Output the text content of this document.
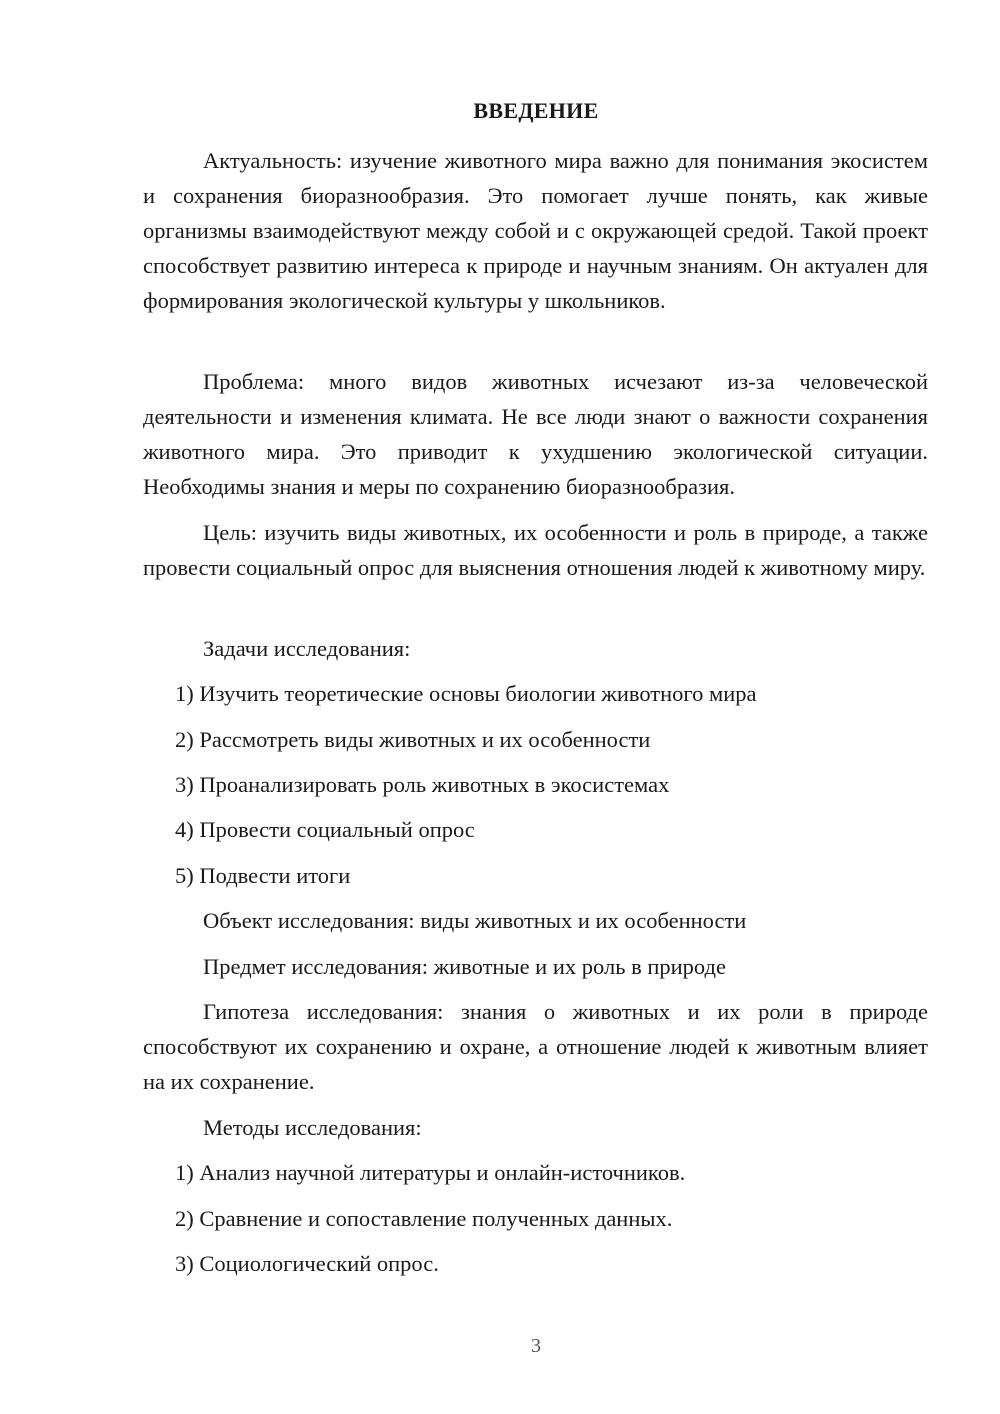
ВВЕДЕНИЕ

Актуальность: изучение животного мира важно для понимания экосистем и сохранения биоразнообразия. Это помогает лучше понять, как живые организмы взаимодействуют между собой и с окружающей средой. Такой проект способствует развитию интереса к природе и научным знаниям. Он актуален для формирования экологической культуры у школьников.

Проблема: много видов животных исчезают из-за человеческой деятельности и изменения климата. Не все люди знают о важности сохранения животного мира. Это приводит к ухудшению экологической ситуации. Необходимы знания и меры по сохранению биоразнообразия.

Цель: изучить виды животных, их особенности и роль в природе, а также провести социальный опрос для выяснения отношения людей к животному миру.

Задачи исследования:

1) Изучить теоретические основы биологии животного мира

2) Рассмотреть виды животных и их особенности

3) Проанализировать роль животных в экосистемах

4) Провести социальный опрос

5) Подвести итоги

Объект исследования: виды животных и их особенности

Предмет исследования: животные и их роль в природе

Гипотеза исследования: знания о животных и их роли в природе способствуют их сохранению и охране, а отношение людей к животным влияет на их сохранение.

Методы исследования:

1) Анализ научной литературы и онлайн-источников.

2) Сравнение и сопоставление полученных данных.

3) Социологический опрос.

3
